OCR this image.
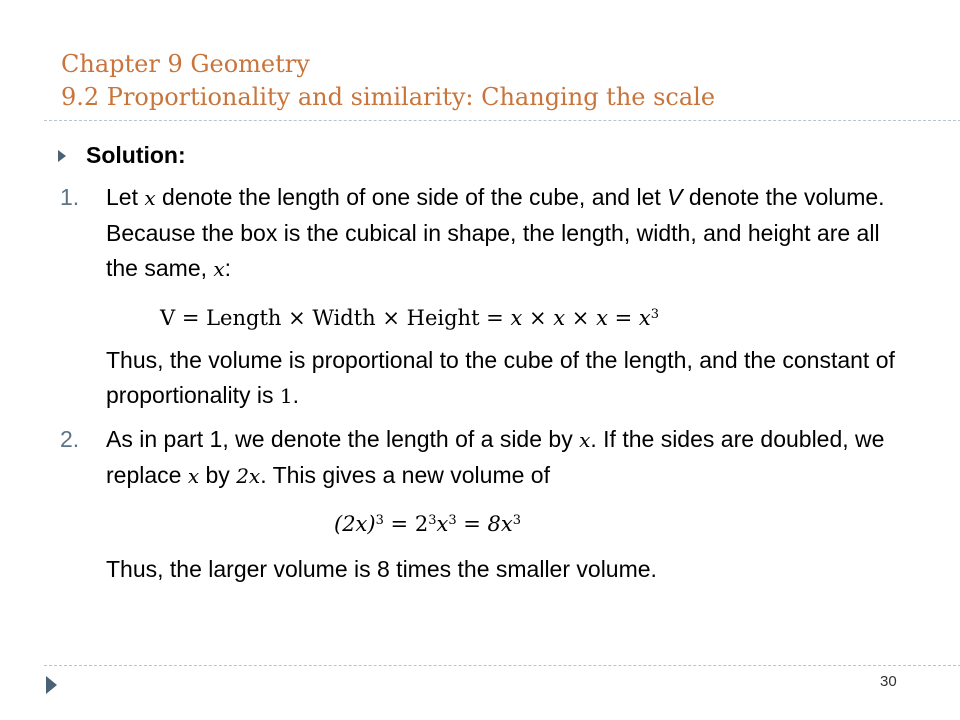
Chapter 9 Geometry
9.2 Proportionality and similarity: Changing the scale
Solution:
1. Let 𝑥 denote the length of one side of the cube, and let V denote the volume. Because the box is the cubical in shape, the length, width, and height are all the same, 𝑥:
V = Length × Width × Height = 𝑥 × 𝑥 × 𝑥 = 𝑥$^3$
Thus, the volume is proportional to the cube of the length, and the constant of proportionality is 1.
2. As in part 1, we denote the length of a side by 𝑥. If the sides are doubled, we replace 𝑥 by 2𝑥. This gives a new volume of
(2𝑥)$^3$ = $2^3𝑥^3$ = 8𝑥$^3$
Thus, the larger volume is 8 times the smaller volume.
30
